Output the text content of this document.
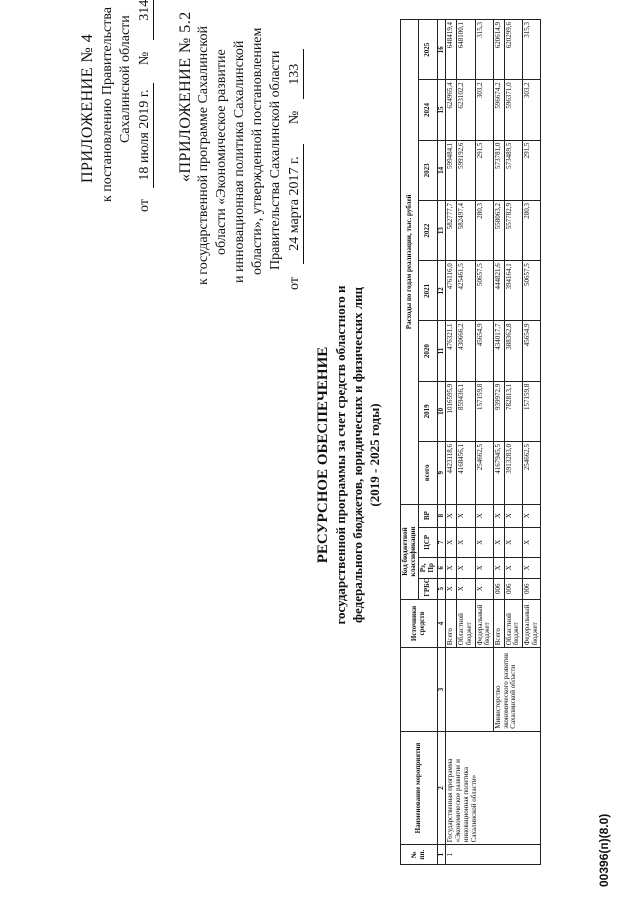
ПРИЛОЖЕНИЕ № 4 к постановлению Правительства Сахалинской области
от 18 июля 2019 г. № 314
«ПРИЛОЖЕНИЕ № 5.2 к государственной программе Сахалинской области «Экономическое развитие и инновационная политика Сахалинской области», утвержденной постановлением Правительства Сахалинской области
от 24 марта 2017 г. № 133
РЕСУРСНОЕ ОБЕСПЕЧЕНИЕ государственной программы за счет средств областного и федерального бюджетов, юридических и физических лиц (2019 - 2025 годы)
№ пп.	Наименование мероприятия		Источники средств	Код бюджетной классификации				Расходы по годам реализации, тыс. рублей							
				ГРБС	Рз, Пр	ЦСР	ВР	всего	2019	2020	2021	2022	2023	2024	2025
1	2	3	4	5	6	7	8	9	10	11	12	13	14	15	16
1	Государственная программа «Экономическое развитие и инновационная политика Сахалинской области»		Всего	X	X	X	X	4423118,6	1016595,9	476321,1	476116,0	582777,7	599484,1	624965,4	648419,4
			Областной бюджет	X	X	X	X	4168456,1	859436,1	430666,2	425461,5	582497,4	599192,6	623102,2	648100,1
			Федеральный бюджет	X	X	X	X	254662,5	157159,8	45654,9	50657,5	280,3	291,5	303,2	315,3
		Министерство экономического развития Сахалинской области	Всего	006	X	X	X	4167945,5	939972,9	434017,7	444821,6	558063,2	573781,0	596674,2	620614,9
			Областной бюджет	006	X	X	X	3913283,0	782813,1	388362,8	394164,1	557782,9	573489,5	596371,0	620299,6
			Федеральный бюджет	006	X	X	X	254662,5	157159,8	45654,9	50657,5	280,3	291,5	303,2	315,3
00396(п)(8.0)
